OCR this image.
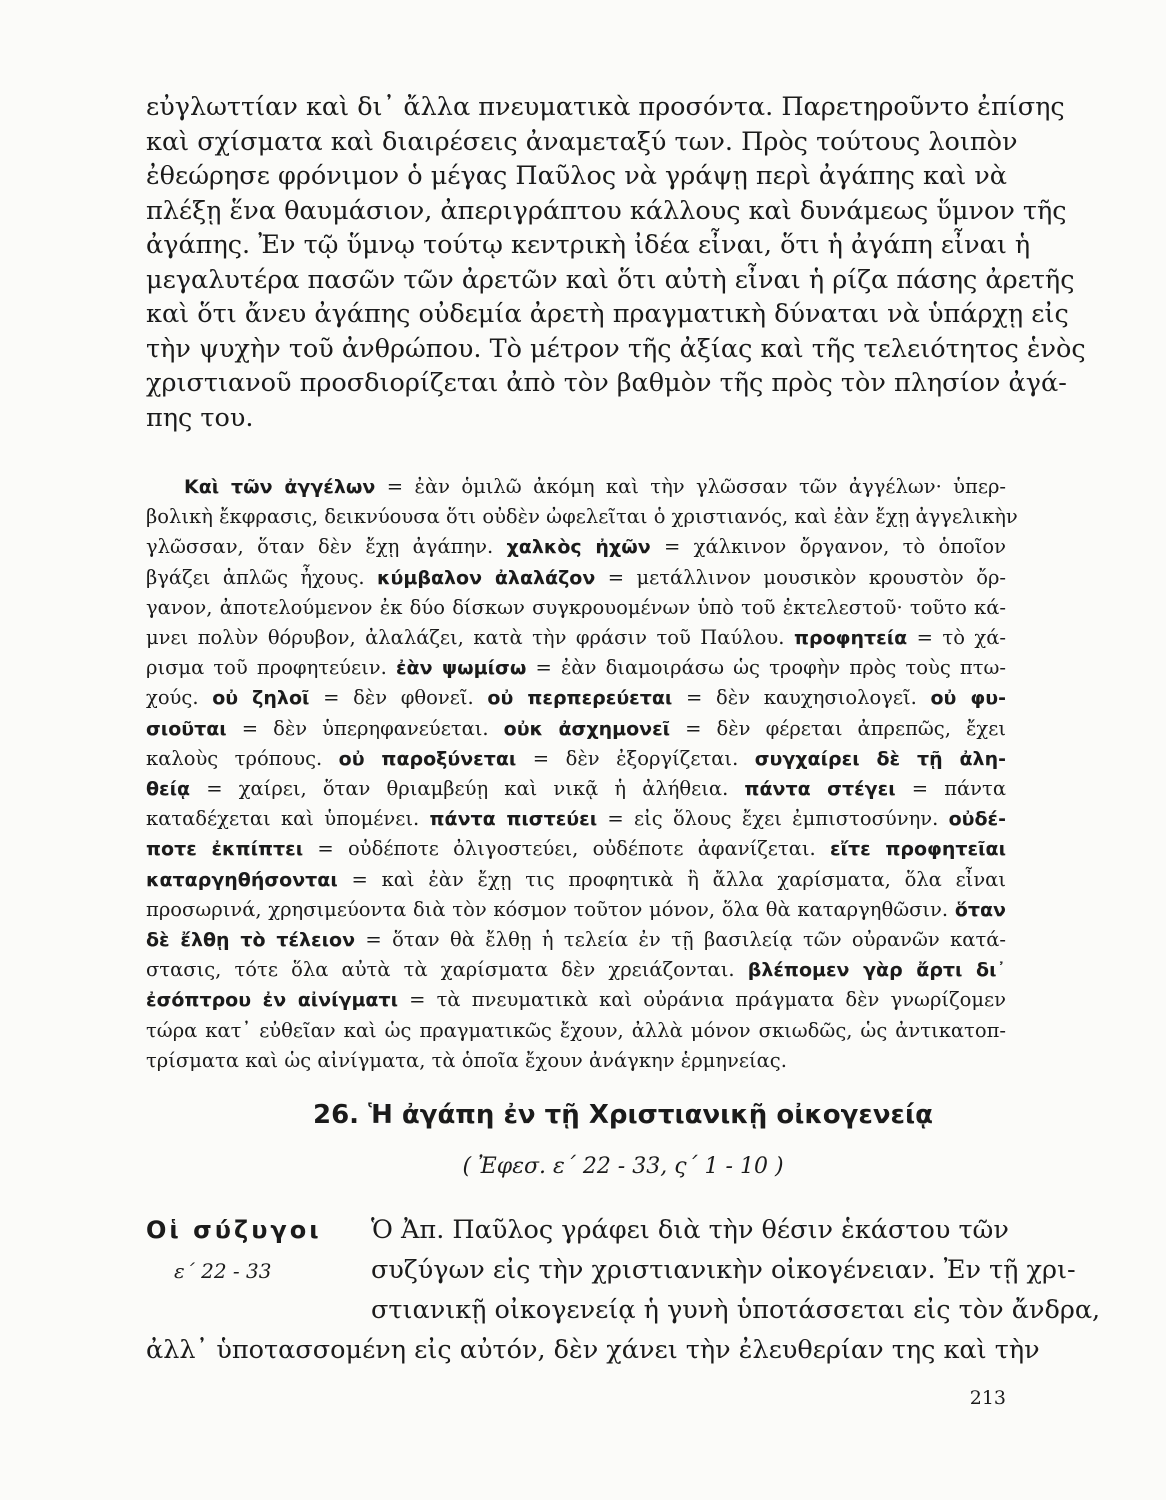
εὐγλωττίαν καὶ δι᾿ ἄλλα πνευματικὰ προσόντα. Παρετηροῦντο ἐπίσης

καὶ σχίσματα καὶ διαιρέσεις ἀναμεταξύ των. Πρὸς τούτους λοιπὸν

ἐθεώρησε φρόνιμον ὁ μέγας Παῦλος νὰ γράψῃ περὶ ἀγάπης καὶ νὰ

πλέξῃ ἕνα θαυμάσιον, ἀπεριγράπτου κάλλους καὶ δυνάμεως ὕμνον τῆς

ἀγάπης. Ἐν τῷ ὕμνῳ τούτῳ κεντρικὴ ἰδέα εἶναι, ὅτι ἡ ἀγάπη εἶναι ἡ

μεγαλυτέρα πασῶν τῶν ἀρετῶν καὶ ὅτι αὐτὴ εἶναι ἡ ρίζα πάσης ἀρετῆς

καὶ ὅτι ἄνευ ἀγάπης οὐδεμία ἀρετὴ πραγματικὴ δύναται νὰ ὑπάρχῃ εἰς

τὴν ψυχὴν τοῦ ἀνθρώπου. Τὸ μέτρον τῆς ἀξίας καὶ τῆς τελειότητος ἑνὸς

χριστιανοῦ προσδιορίζεται ἀπὸ τὸν βαθμὸν τῆς πρὸς τὸν πλησίον ἀγά-

πης του.

Καὶ τῶν ἀγγέλων = ἐὰν ὁμιλῶ ἀκόμη καὶ τὴν γλῶσσαν τῶν ἀγγέλων· ὑπερ-

βολικὴ ἔκφρασις, δεικνύουσα ὅτι οὐδὲν ὠφελεῖται ὁ χριστιανός, καὶ ἐὰν ἔχῃ ἀγγελικὴν

γλῶσσαν, ὅταν δὲν ἔχῃ ἀγάπην. χαλκὸς ἠχῶν = χάλκινον ὄργανον, τὸ ὁποῖον

βγάζει ἁπλῶς ἦχους. κύμβαλον ἀλαλάζον = μετάλλινον μουσικὸν κρουστὸν ὄρ-

γανον, ἀποτελούμενον ἐκ δύο δίσκων συγκρουομένων ὑπὸ τοῦ ἐκτελεστοῦ· τοῦτο κά-

μνει πολὺν θόρυβον, ἀλαλάζει, κατὰ τὴν φράσιν τοῦ Παύλου. προφητεία = τὸ χά-

ρισμα τοῦ προφητεύειν. ἐὰν ψωμίσω = ἐὰν διαμοιράσω ὡς τροφὴν πρὸς τοὺς πτω-

χούς. οὐ ζηλοῖ = δὲν φθονεῖ. οὐ περπερεύεται = δὲν καυχησιολογεῖ. οὐ φυ-

σιοῦται = δὲν ὑπερηφανεύεται. οὐκ ἀσχημονεῖ = δὲν φέρεται ἀπρεπῶς, ἔχει

καλοὺς τρόπους. οὐ παροξύνεται = δὲν ἐξοργίζεται. συγχαίρει δὲ τῇ ἀλη-

θείᾳ = χαίρει, ὅταν θριαμβεύῃ καὶ νικᾷ ἡ ἀλήθεια. πάντα στέγει = πάντα

καταδέχεται καὶ ὑπομένει. πάντα πιστεύει = εἰς ὅλους ἔχει ἐμπιστοσύνην. οὐδέ-

ποτε ἐκπίπτει = οὐδέποτε ὀλιγοστεύει, οὐδέποτε ἀφανίζεται. εἴτε προφητεῖαι

καταργηθήσονται = καὶ ἐὰν ἔχῃ τις προφητικὰ ἢ ἄλλα χαρίσματα, ὅλα εἶναι

προσωρινά, χρησιμεύοντα διὰ τὸν κόσμον τοῦτον μόνον, ὅλα θὰ καταργηθῶσιν. ὅταν

δὲ ἔλθῃ τὸ τέλειον = ὅταν θὰ ἔλθῃ ἡ τελεία ἐν τῇ βασιλείᾳ τῶν οὐρανῶν κατά-

στασις, τότε ὅλα αὐτὰ τὰ χαρίσματα δὲν χρειάζονται. βλέπομεν γὰρ ἄρτι δι᾿

ἐσόπτρου ἐν αἰνίγματι = τὰ πνευματικὰ καὶ οὐράνια πράγματα δὲν γνωρίζομεν

τώρα κατ᾿ εὐθεῖαν καὶ ὡς πραγματικῶς ἔχουν, ἀλλὰ μόνον σκιωδῶς, ὡς ἀντικατοπ-

τρίσματα καὶ ὡς αἰνίγματα, τὰ ὁποῖα ἔχουν ἀνάγκην ἑρμηνείας.

26. Ἡ ἀγάπη ἐν τῇ Χριστιανικῇ οἰκογενείᾳ
( Ἐφεσ. ε΄ 22 - 33, ς΄ 1 - 10 )
Οἱ σύζυγοι	Ὁ Ἀπ. Παῦλος γράφει διὰ τὴν θέσιν ἑκάστου τῶν
ε΄ 22 - 33	συζύγων εἰς τὴν χριστιανικὴν οἰκογένειαν. Ἐν τῇ χρι-
στιανικῇ οἰκογενείᾳ ἡ γυνὴ ὑποτάσσεται εἰς τὸν ἄνδρα,
ἀλλ᾿ ὑποτασσομένη εἰς αὐτόν, δὲν χάνει τὴν ἐλευθερίαν της καὶ τὴν
213
